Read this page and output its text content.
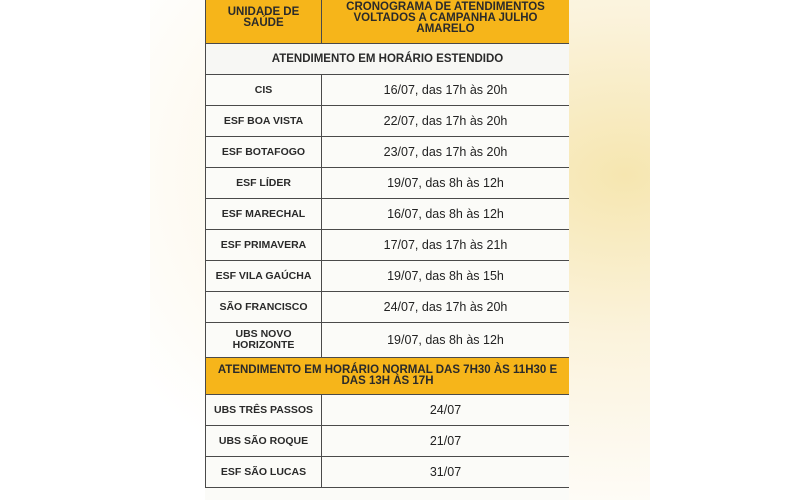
UNIDADE DE SAÚDE	CRONOGRAMA DE ATENDIMENTOS VOLTADOS A CAMPANHA JULHO AMARELO
ATENDIMENTO EM HORÁRIO ESTENDIDO	
CIS	16/07, das 17h às 20h
ESF BOA VISTA	22/07, das 17h às 20h
ESF BOTAFOGO	23/07, das 17h às 20h
ESF LÍDER	19/07, das 8h às 12h
ESF MARECHAL	16/07, das 8h às 12h
ESF PRIMAVERA	17/07, das 17h às 21h
ESF VILA GAÚCHA	19/07, das 8h às 15h
SÃO FRANCISCO	24/07, das 17h às 20h
UBS NOVO HORIZONTE	19/07, das 8h às 12h
ATENDIMENTO EM HORÁRIO NORMAL DAS 7H30 ÀS 11H30 E DAS 13H ÀS 17H	
UBS TRÊS PASSOS	24/07
UBS SÃO ROQUE	21/07
ESF SÃO LUCAS	31/07
